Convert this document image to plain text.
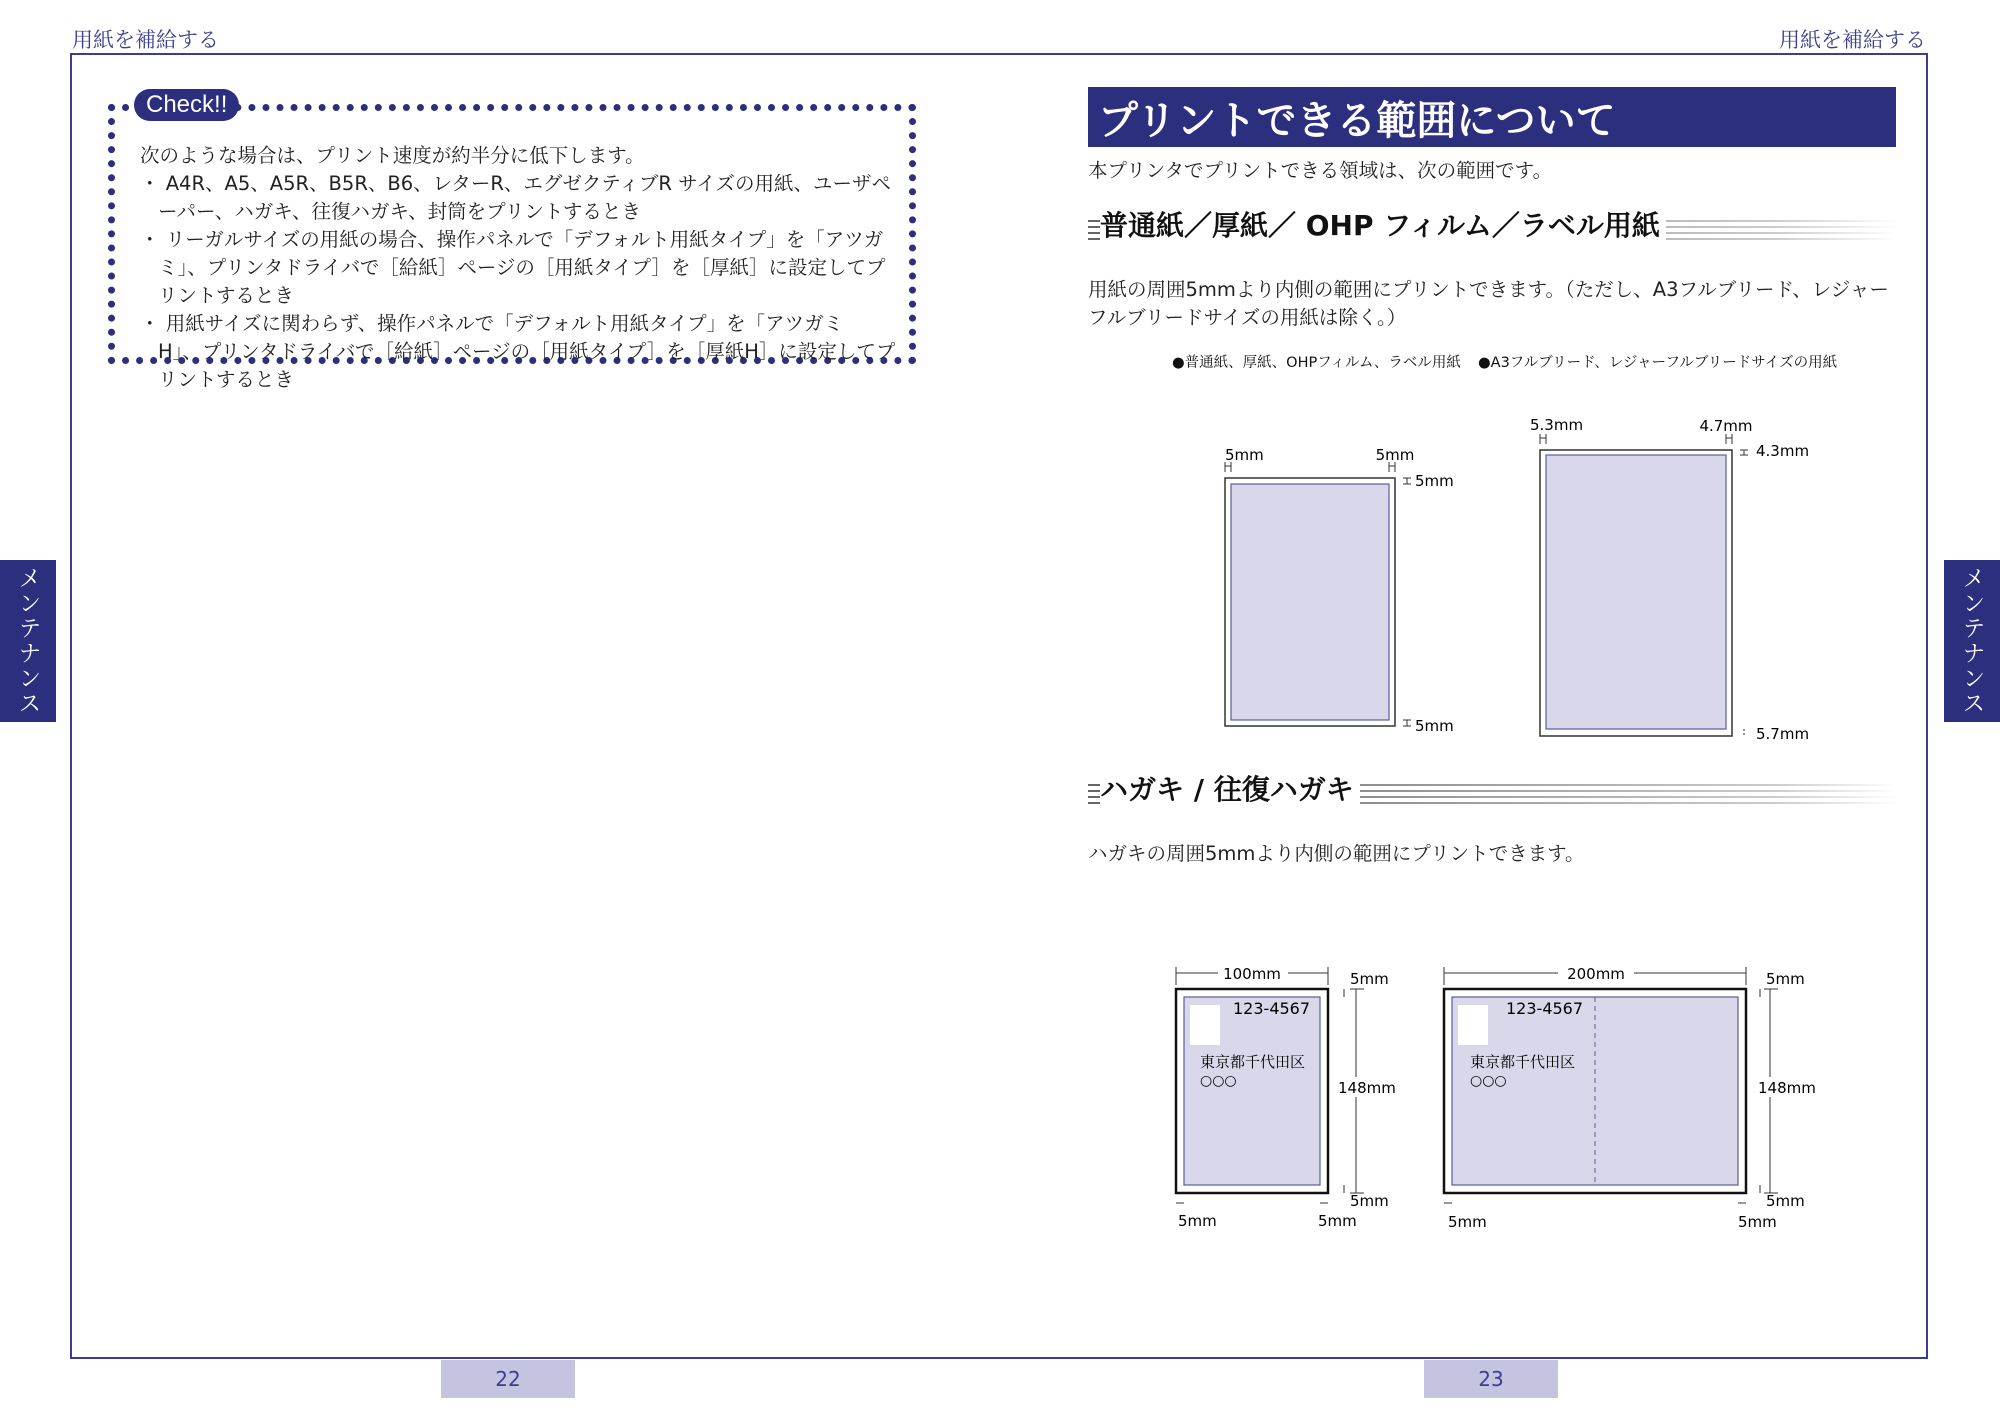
用紙を補給する	用紙を補給する
メンテナンス	メンテナンス
Check!!
次のような場合は、プリント速度が約半分に低下します。
・ A4R、A5、A5R、B5R、B6、レターR、エグゼクティブR サイズの用紙、ユーザペーパー、ハガキ、往復ハガキ、封筒をプリントするとき
・ リーガルサイズの用紙の場合、操作パネルで「デフォルト用紙タイプ」を「アツガミ」、プリンタドライバで［給紙］ページの［用紙タイプ］を［厚紙］に設定してプリントするとき
・ 用紙サイズに関わらず、操作パネルで「デフォルト用紙タイプ」を「アツガミ　H」、プリンタドライバで［給紙］ページの［用紙タイプ］を［厚紙H］に設定してプリントするとき
プリントできる範囲について
本プリンタでプリントできる領域は、次の範囲です。
普通紙／厚紙／ OHP フィルム／ラベル用紙
用紙の周囲5mmより内側の範囲にプリントできます。（ただし、A3フルブリード、レジャーフルブリードサイズの用紙は除く。）
●普通紙、厚紙、OHPフィルム、ラベル用紙 ●A3フルブリード、レジャーフルブリードサイズの用紙
5mm	5mm
5mm
5mm
5.3mm	4.7mm
4.3mm
5.7mm
ハガキ / 往復ハガキ
ハガキの周囲5mmより内側の範囲にプリントできます。
100mm
148mm
5mm
5mm
5mm	5mm
123-4567
東京都千代田区
○○○
200mm
148mm
5mm
5mm
5mm	5mm
123-4567
東京都千代田区
○○○
22	23
